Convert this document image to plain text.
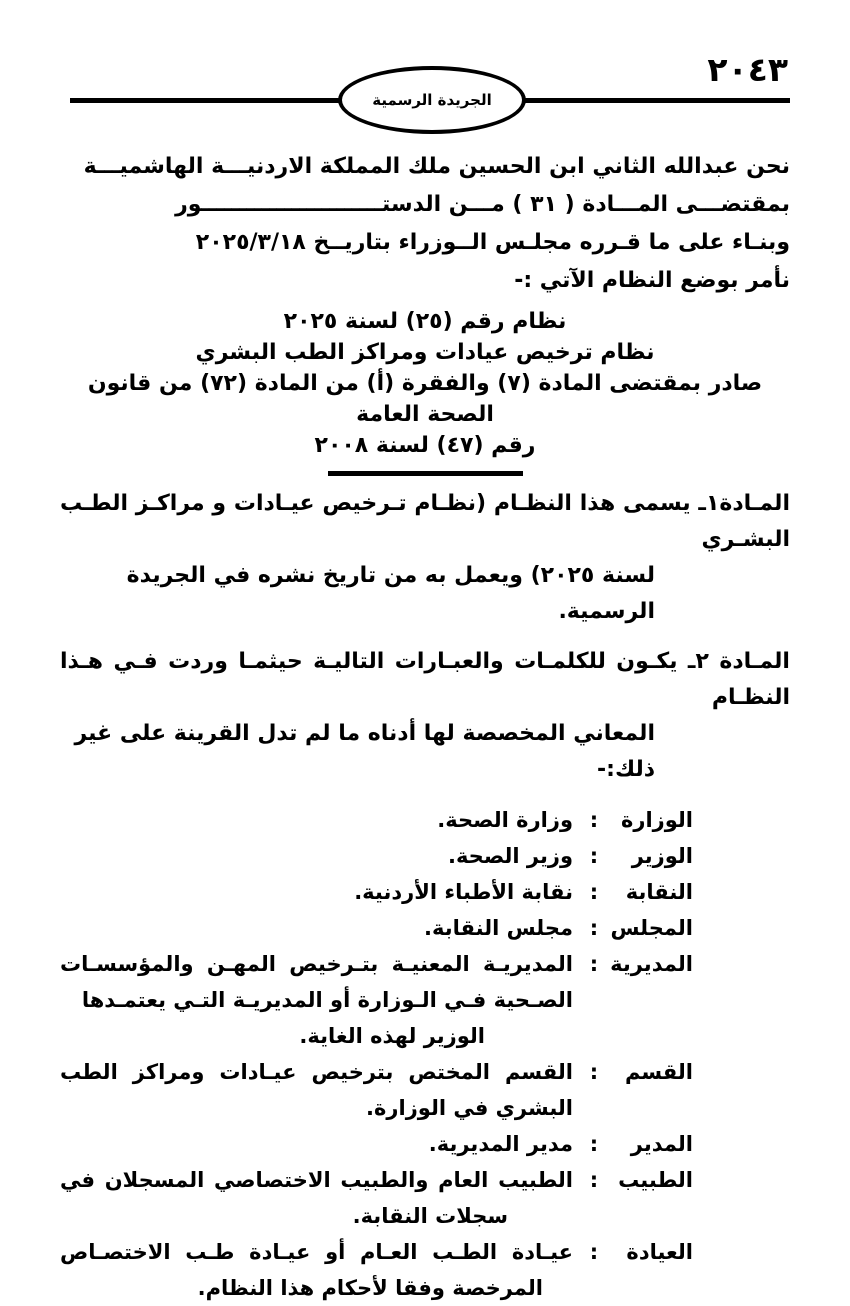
٢٠٤٣
الجريدة الرسمية
نحن عبدالله الثاني ابن الحسين ملك المملكة الاردنيـــة الهاشميـــة
بمقتضـــى المـــادة ( ٣١ ) مـــن الدستــــــــــــــــــــــــور
وبنـاء على ما قـرره مجلـس الــوزراء بتاريــخ ٢٠٢٥/٣/١٨
نأمر بوضع النظام الآتي :-
نظام رقم (٢٥) لسنة ٢٠٢٥
نظام ترخيص عيادات ومراكز الطب البشري
صادر بمقتضى المادة (٧) والفقرة (أ) من المادة (٧٢) من قانون الصحة العامة
رقم (٤٧) لسنة ٢٠٠٨
المـادة١ـ يسمى هذا النظـام (نظـام تـرخيص عيـادات و مراكـز الطـب البشـري
لسنة ٢٠٢٥) ويعمل به من تاريخ نشره في الجريدة الرسمية.
المـادة ٢ـ يكـون للكلمـات والعبـارات التاليـة حيثمـا وردت فـي هـذا النظـام
المعاني المخصصة لها أدناه ما لم تدل القرينة على غير ذلك:-
الوزارة
:
وزارة الصحة.
الوزير
:
وزير الصحة.
النقابة
:
نقابة الأطباء الأردنية.
المجلس
:
مجلس النقابة.
المديرية
:
المديريـة المعنيـة بتـرخيص المهـن والمؤسسـات
الصـحية فـي الـوزارة أو المديريـة التـي يعتمـدها
الوزير لهذه الغاية.
القسم
:
القسم المختص بترخيص عيـادات ومراكز الطب
البشري في الوزارة.
المدير
:
مدير المديرية.
الطبيب
:
الطبيب العام والطبيب الاختصاصي المسجلان في
سجلات النقابة.
العيادة
:
عيـادة الطـب العـام أو عيـادة طـب الاختصـاص
المرخصة وفقا لأحكام هذا النظام.
